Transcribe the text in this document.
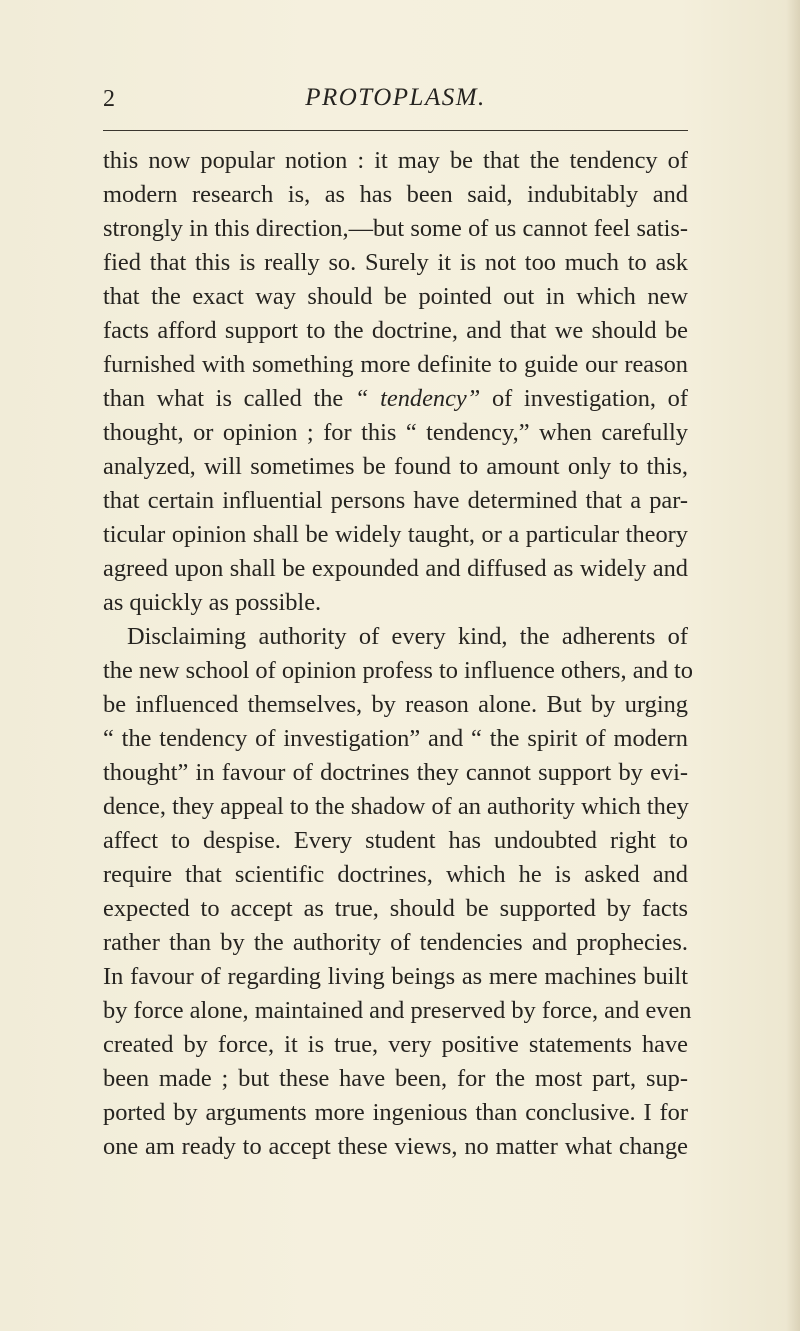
2	PROTOPLASM.
this now popular notion : it may be that the tendency of
modern research is, as has been said, indubitably and
strongly in this direction,—but some of us cannot feel satis-
fied that this is really so. Surely it is not too much to ask
that the exact way should be pointed out in which new
facts afford support to the doctrine, and that we should be
furnished with something more definite to guide our reason
than what is called the “ tendency” of investigation, of
thought, or opinion ; for this “ tendency,” when carefully
analyzed, will sometimes be found to amount only to this,
that certain influential persons have determined that a par-
ticular opinion shall be widely taught, or a particular theory
agreed upon shall be expounded and diffused as widely and
as quickly as possible.
Disclaiming authority of every kind, the adherents of
the new school of opinion profess to influence others, and to
be influenced themselves, by reason alone. But by urging
“ the tendency of investigation” and “ the spirit of modern
thought” in favour of doctrines they cannot support by evi-
dence, they appeal to the shadow of an authority which they
affect to despise. Every student has undoubted right to
require that scientific doctrines, which he is asked and
expected to accept as true, should be supported by facts
rather than by the authority of tendencies and prophecies.
In favour of regarding living beings as mere machines built
by force alone, maintained and preserved by force, and even
created by force, it is true, very positive statements have
been made ; but these have been, for the most part, sup-
ported by arguments more ingenious than conclusive. I for
one am ready to accept these views, no matter what change
